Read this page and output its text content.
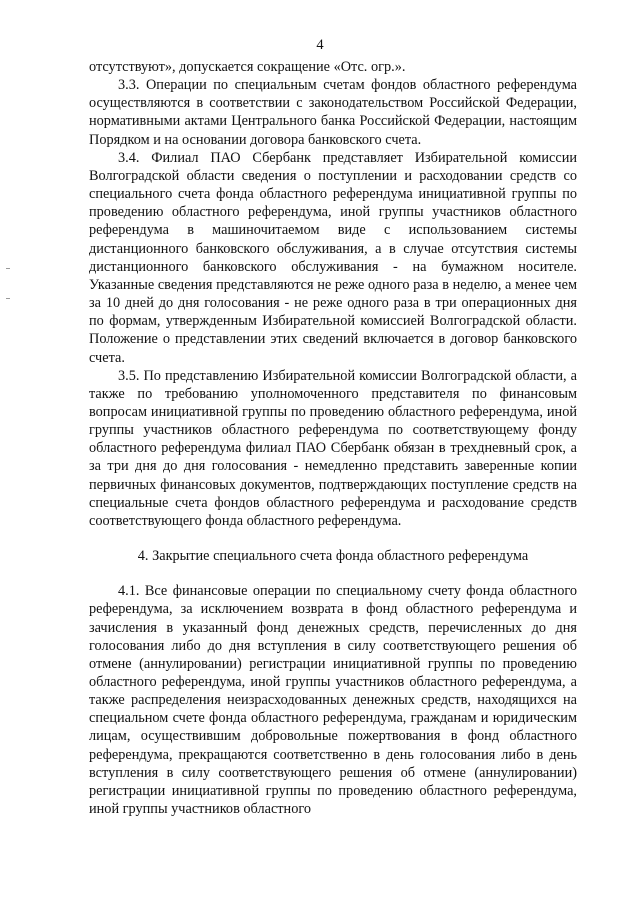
4

отсутствуют», допускается сокращение «Отс. огр.».

3.3. Операции по специальным счетам фондов областного референдума осуществляются в соответствии с законодательством Российской Федерации, нормативными актами Центрального банка Российской Федерации, настоящим Порядком и на основании договора банковского счета.

3.4. Филиал ПАО Сбербанк представляет Избирательной комиссии Волгоградской области сведения о поступлении и расходовании средств со специального счета фонда областного референдума инициативной группы по проведению областного референдума, иной группы участников областного референдума в машиночитаемом виде с использованием системы дистанционного банковского обслуживания, а в случае отсутствия системы дистанционного банковского обслуживания - на бумажном носителе. Указанные сведения представляются не реже одного раза в неделю, а менее чем за 10 дней до дня голосования - не реже одного раза в три операционных дня по формам, утвержденным Избирательной комиссией Волгоградской области. Положение о представлении этих сведений включается в договор банковского счета.

3.5. По представлению Избирательной комиссии Волгоградской области, а также по требованию уполномоченного представителя по финансовым вопросам инициативной группы по проведению областного референдума, иной группы участников областного референдума по соответствующему фонду областного референдума филиал ПАО Сбербанк обязан в трехдневный срок, а за три дня до дня голосования - немедленно представить заверенные копии первичных финансовых документов, подтверждающих поступление средств на специальные счета фондов областного референдума и расходование средств соответствующего фонда областного референдума.

4. Закрытие специального счета фонда областного референдума

4.1. Все финансовые операции по специальному счету фонда областного референдума, за исключением возврата в фонд областного референдума и зачисления в указанный фонд денежных средств, перечисленных до дня голосования либо до дня вступления в силу соответствующего решения об отмене (аннулировании) регистрации инициативной группы по проведению областного референдума, иной группы участников областного референдума, а также распределения неизрасходованных денежных средств, находящихся на специальном счете фонда областного референдума, гражданам и юридическим лицам, осуществившим добровольные пожертвования в фонд областного референдума, прекращаются соответственно в день голосования либо в день вступления в силу соответствующего решения об отмене (аннулировании) регистрации инициативной группы по проведению областного референдума, иной группы участников областного
